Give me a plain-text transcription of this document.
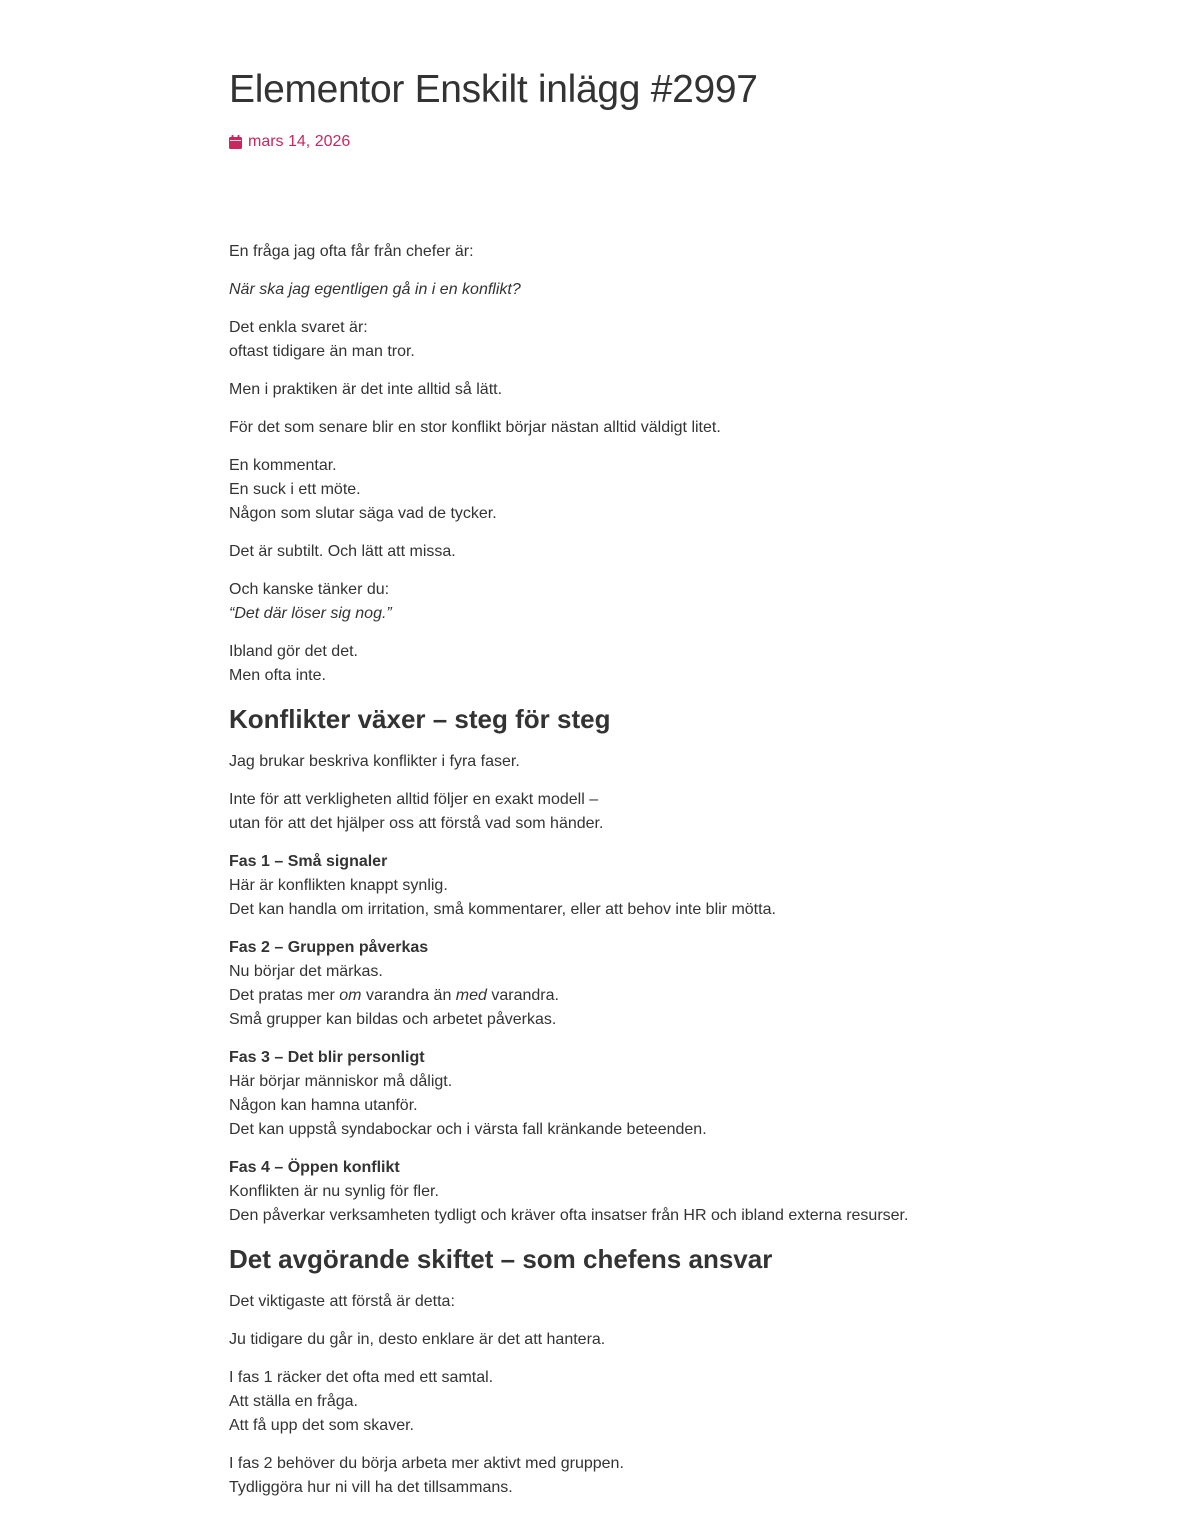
Elementor Enskilt inlägg #2997
mars 14, 2026

En fråga jag ofta får från chefer är:

När ska jag egentligen gå in i en konflikt?

Det enkla svaret är:
oftast tidigare än man tror.

Men i praktiken är det inte alltid så lätt.

För det som senare blir en stor konflikt börjar nästan alltid väldigt litet.

En kommentar.
En suck i ett möte.
Någon som slutar säga vad de tycker.

Det är subtilt. Och lätt att missa.

Och kanske tänker du:
“Det där löser sig nog.”

Ibland gör det det.
Men ofta inte.

Konflikter växer – steg för steg

Jag brukar beskriva konflikter i fyra faser.

Inte för att verkligheten alltid följer en exakt modell –
utan för att det hjälper oss att förstå vad som händer.

Fas 1 – Små signaler
Här är konflikten knappt synlig.
Det kan handla om irritation, små kommentarer, eller att behov inte blir mötta.

Fas 2 – Gruppen påverkas
Nu börjar det märkas.
Det pratas mer om varandra än med varandra.
Små grupper kan bildas och arbetet påverkas.

Fas 3 – Det blir personligt
Här börjar människor må dåligt.
Någon kan hamna utanför.
Det kan uppstå syndabockar och i värsta fall kränkande beteenden.

Fas 4 – Öppen konflikt
Konflikten är nu synlig för fler.
Den påverkar verksamheten tydligt och kräver ofta insatser från HR och ibland externa resurser.

Det avgörande skiftet – som chefens ansvar

Det viktigaste att förstå är detta:

Ju tidigare du går in, desto enklare är det att hantera.

I fas 1 räcker det ofta med ett samtal.
Att ställa en fråga.
Att få upp det som skaver.

I fas 2 behöver du börja arbeta mer aktivt med gruppen.
Tydliggöra hur ni vill ha det tillsammans.
